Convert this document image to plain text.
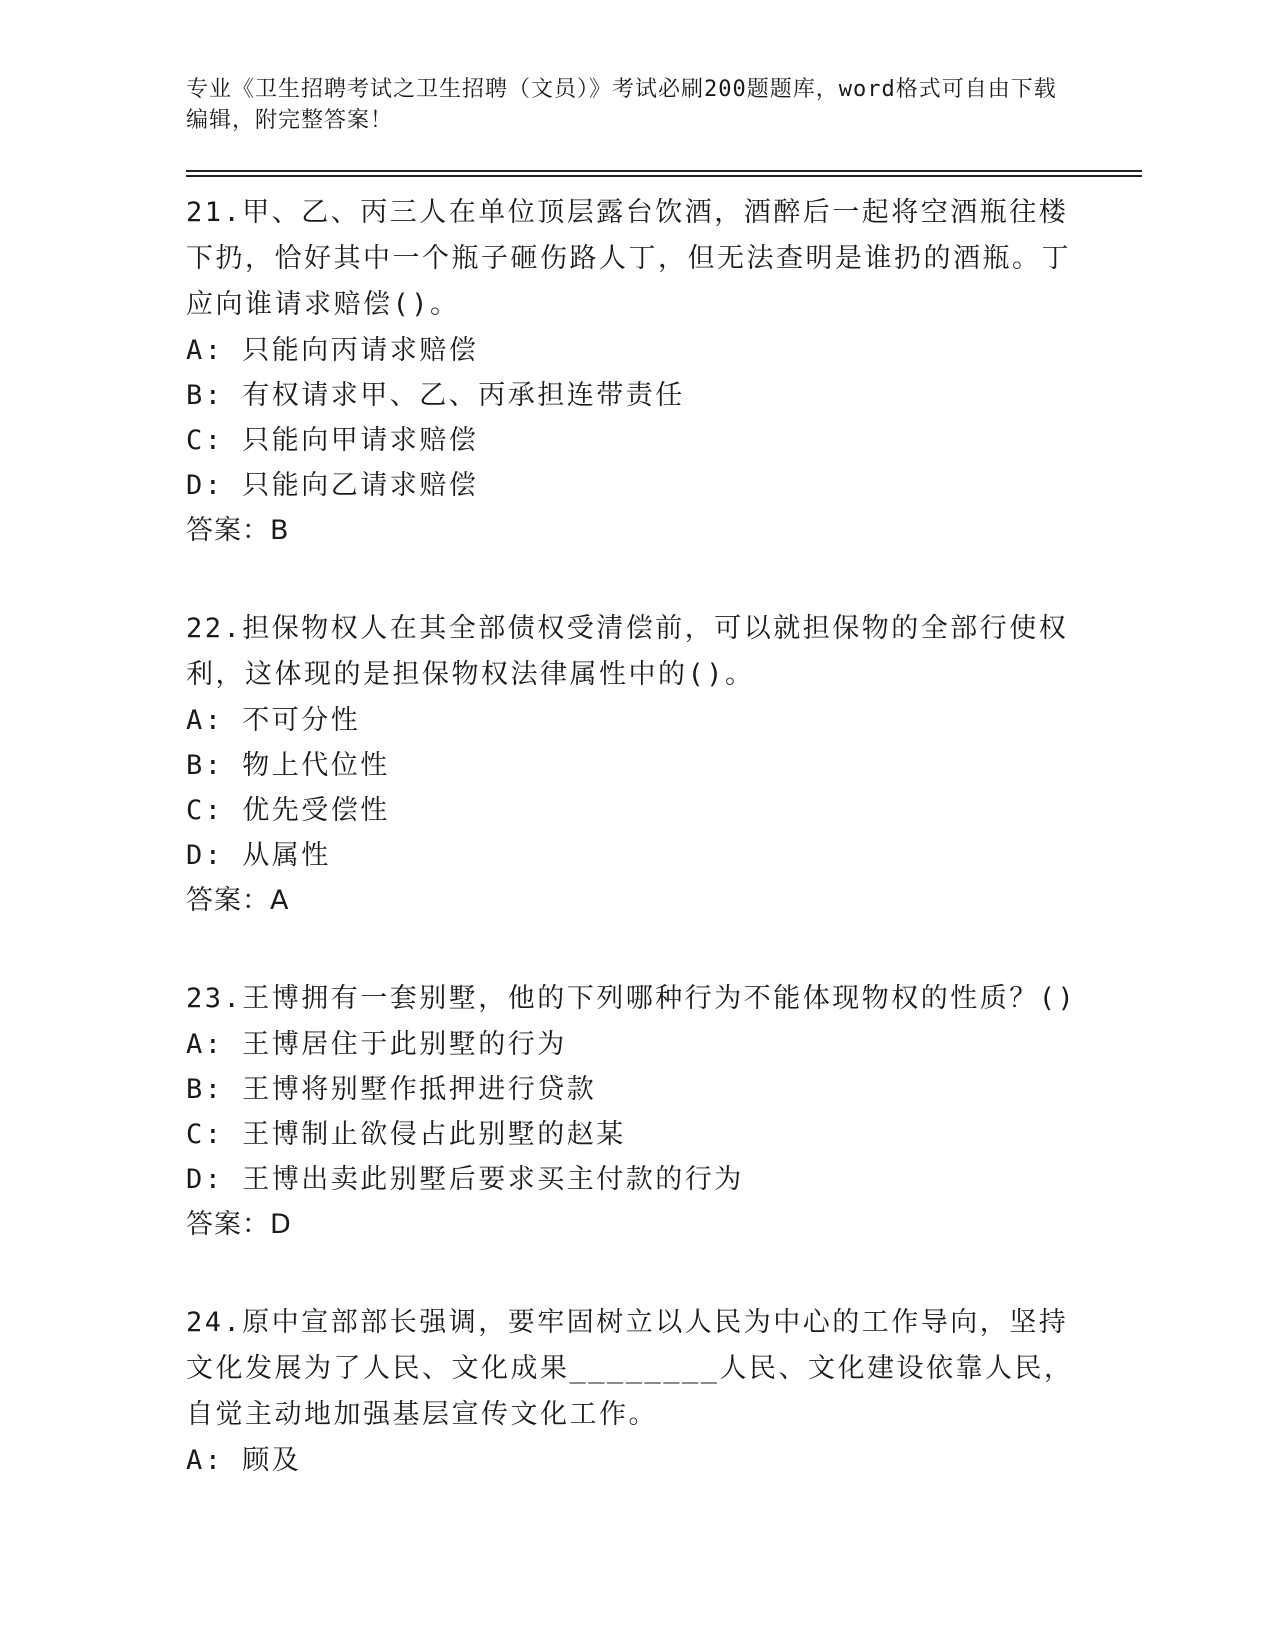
专业《卫生招聘考试之卫生招聘（文员）》考试必刷200题题库，word格式可自由下载编辑，附完整答案！
21.甲、乙、丙三人在单位顶层露台饮酒，酒醉后一起将空酒瓶往楼下扔，恰好其中一个瓶子砸伤路人丁，但无法查明是谁扔的酒瓶。丁应向谁请求赔偿()。
A: 只能向丙请求赔偿
B: 有权请求甲、乙、丙承担连带责任
C: 只能向甲请求赔偿
D: 只能向乙请求赔偿
答案：B
22.担保物权人在其全部债权受清偿前，可以就担保物的全部行使权利，这体现的是担保物权法律属性中的()。
A: 不可分性
B: 物上代位性
C: 优先受偿性
D: 从属性
答案：A
23.王博拥有一套别墅，他的下列哪种行为不能体现物权的性质？()
A: 王博居住于此别墅的行为
B: 王博将别墅作抵押进行贷款
C: 王博制止欲侵占此别墅的赵某
D: 王博出卖此别墅后要求买主付款的行为
答案：D
24.原中宣部部长强调，要牢固树立以人民为中心的工作导向，坚持文化发展为了人民、文化成果________人民、文化建设依靠人民，自觉主动地加强基层宣传文化工作。
A: 顾及
